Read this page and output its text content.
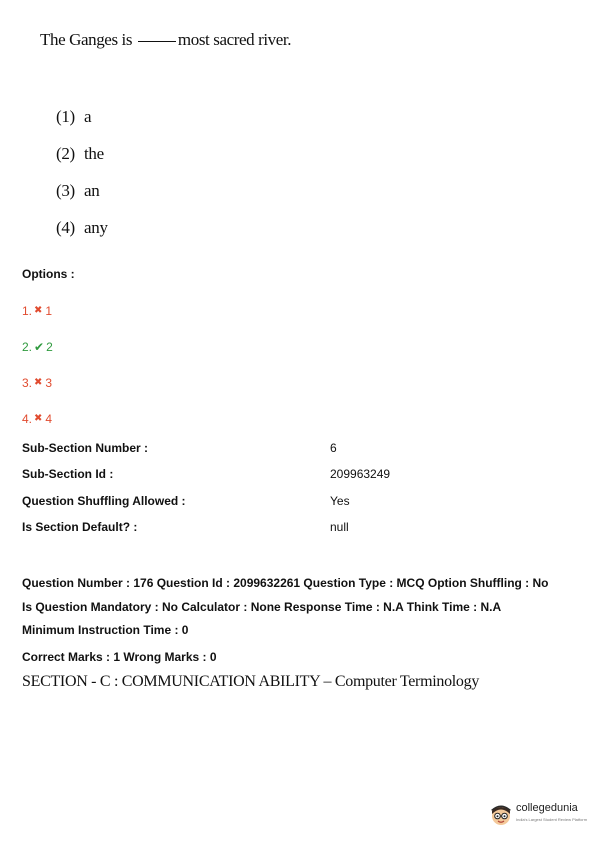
The Ganges is	most sacred river.
(1) a
(2) the
(3) an
(4) any
Options :
1. ✖ 1
2. ✔ 2
3. ✖ 3
4. ✖ 4
Sub-Section Number :	6
Sub-Section Id :	209963249
Question Shuffling Allowed :	Yes
Is Section Default? :	null
Question Number : 176 Question Id : 2099632261 Question Type : MCQ Option Shuffling : No
Is Question Mandatory : No Calculator : None Response Time : N.A Think Time : N.A
Minimum Instruction Time : 0
Correct Marks : 1 Wrong Marks : 0
SECTION - C : COMMUNICATION ABILITY – Computer Terminology
collegedunia
India's Largest Student Review Platform
